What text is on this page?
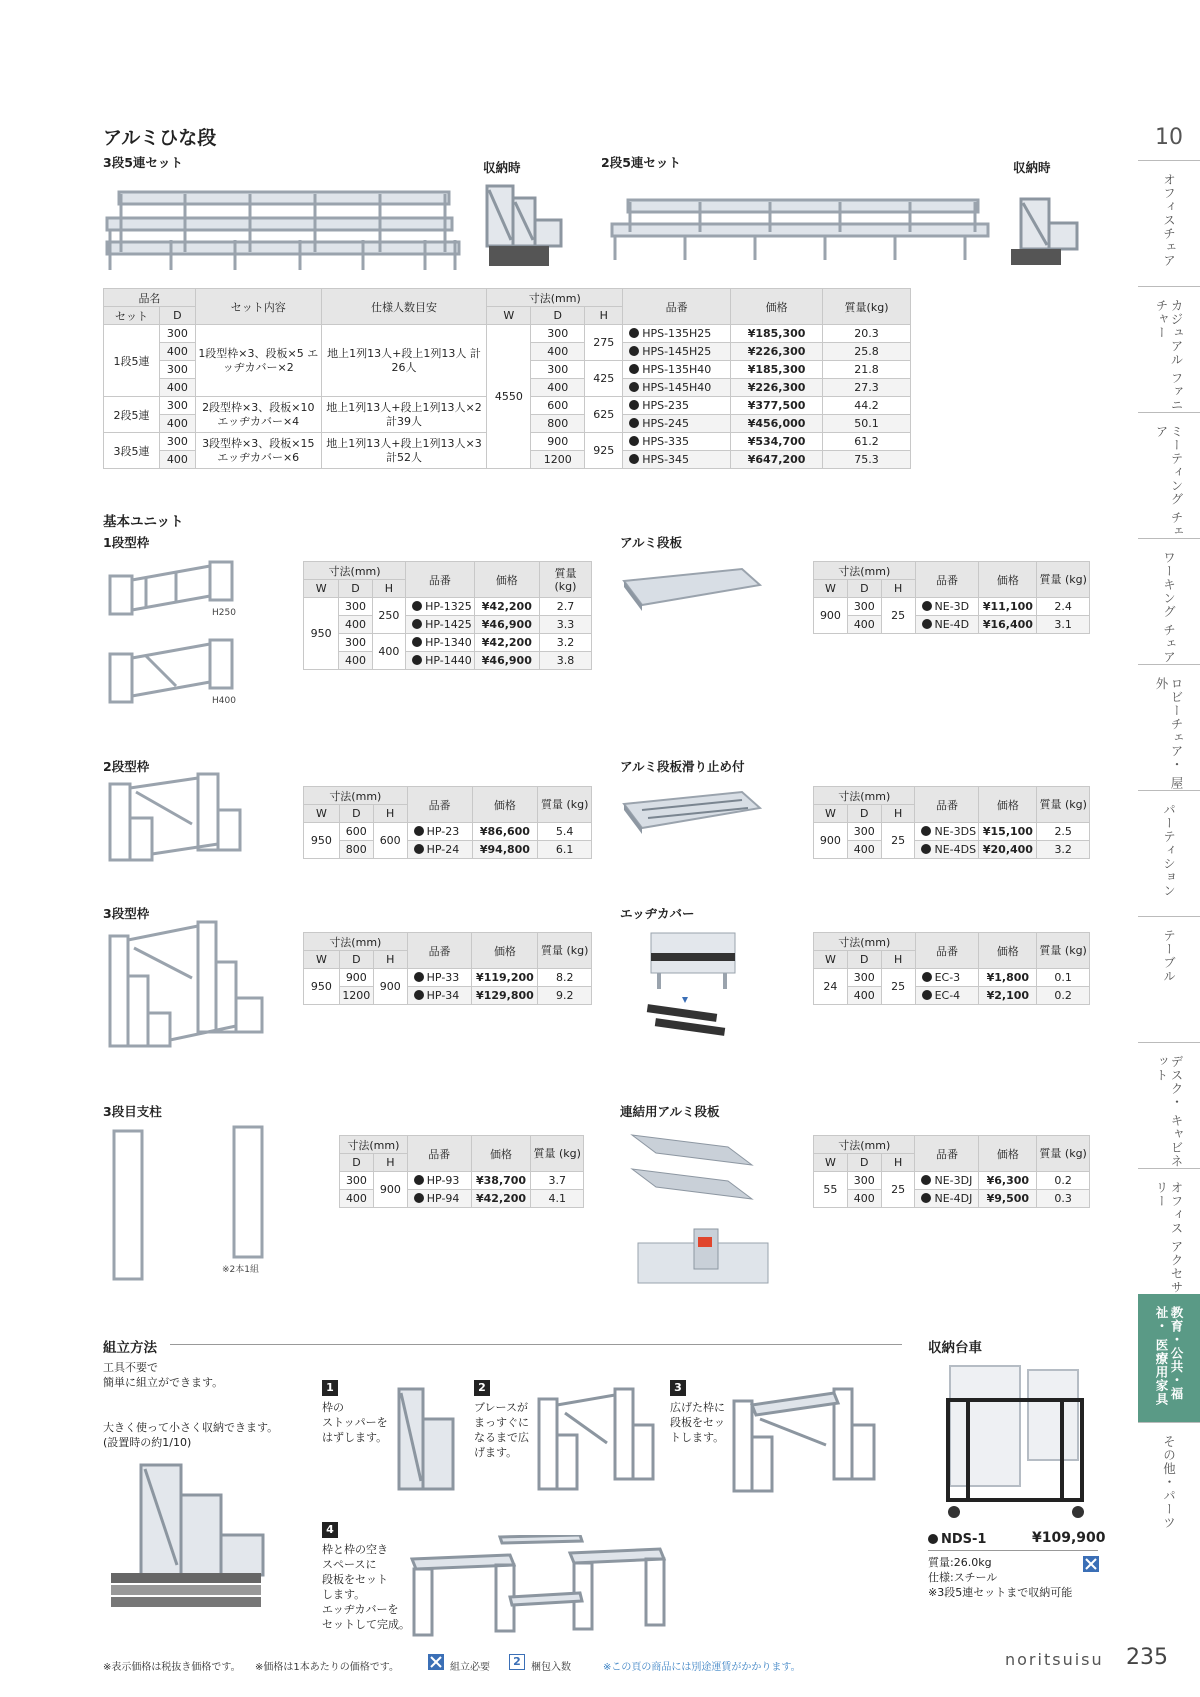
アルミひな段	10
3段5連セット	収納時	2段5連セット	収納時
品名		セット内容	仕様人数目安	寸法(mm)			品番	価格	質量(kg)
セット	D			W	D	H			
1段5連	300	1段型枠×3、段板×5 エッヂカバー×2	地上1列13人+段上1列13人 計26人	4550	300	275	HPS-135H25	¥185,300	20.3
	400				400		HPS-145H25	¥226,300	25.8
	300				300	425	HPS-135H40	¥185,300	21.8
	400				400		HPS-145H40	¥226,300	27.3
2段5連	300	2段型枠×3、段板×10 エッヂカバー×4	地上1列13人+段上1列13人×2 計39人		600	625	HPS-235	¥377,500	44.2
	400				800		HPS-245	¥456,000	50.1
3段5連	300	3段型枠×3、段板×15 エッヂカバー×6	地上1列13人+段上1列13人×3 計52人		900	925	HPS-335	¥534,700	61.2
	400				1200		HPS-345	¥647,200	75.3
基本ユニット
1段型枠
H250
H400
寸法(mm)			品番	価格	質量 (kg)
W	D	H			
950	300	250	HP-1325	¥42,200	2.7
	400		HP-1425	¥46,900	3.3
	300	400	HP-1340	¥42,200	3.2
	400		HP-1440	¥46,900	3.8
アルミ段板
寸法(mm)			品番	価格	質量 (kg)
W	D	H			
900	300	25	NE-3D	¥11,100	2.4
	400		NE-4D	¥16,400	3.1
2段型枠
寸法(mm)			品番	価格	質量 (kg)
W	D	H			
950	600	600	HP-23	¥86,600	5.4
	800		HP-24	¥94,800	6.1
アルミ段板滑り止め付
寸法(mm)			品番	価格	質量 (kg)
W	D	H			
900	300	25	NE-3DS	¥15,100	2.5
	400		NE-4DS	¥20,400	3.2
3段型枠
寸法(mm)			品番	価格	質量 (kg)
W	D	H			
950	900	900	HP-33	¥119,200	8.2
	1200		HP-34	¥129,800	9.2
エッヂカバー
寸法(mm)			品番	価格	質量 (kg)
W	D	H			
24	300	25	EC-3	¥1,800	0.1
	400		EC-4	¥2,100	0.2
3段目支柱
※2本1組
寸法(mm)		品番	価格	質量 (kg)
D	H			
300	900	HP-93	¥38,700	3.7
400		HP-94	¥42,200	4.1
連結用アルミ段板
寸法(mm)			品番	価格	質量 (kg)
W	D	H			
55	300	25	NE-3DJ	¥6,300	0.2
	400		NE-4DJ	¥9,500	0.3
組立方法
工具不要で
簡単に組立ができます。
大きく使って小さく収納できます。
(設置時の約1/10)
1
枠の
ストッパーを
はずします。
2
ブレースが
まっすぐに
なるまで広
げます。
3
広げた枠に
段板をセッ
トします。
4
枠と枠の空き
スペースに
段板をセット
します。
エッヂカバーを
セットして完成。
収納台車
NDS-1	¥109,900
質量:26.0kg
仕様:スチール
※3段5連セットまで収納可能
オフィスチェア
カジュアル ファニチャー
ミーティング チェア
ワーキング チェア
ロビーチェア・ 屋外
パーティション
テーブル
デスク・ キャビネット
オフィス アクセサリー
教育・公共・福祉・ 医療用家具
その他・パーツ
※表示価格は税抜き価格です。 ※価格は1本あたりの価格です。	組立必要	2	梱包入数	※この頁の商品には別途運賃がかかります。	noritsuisu 235
